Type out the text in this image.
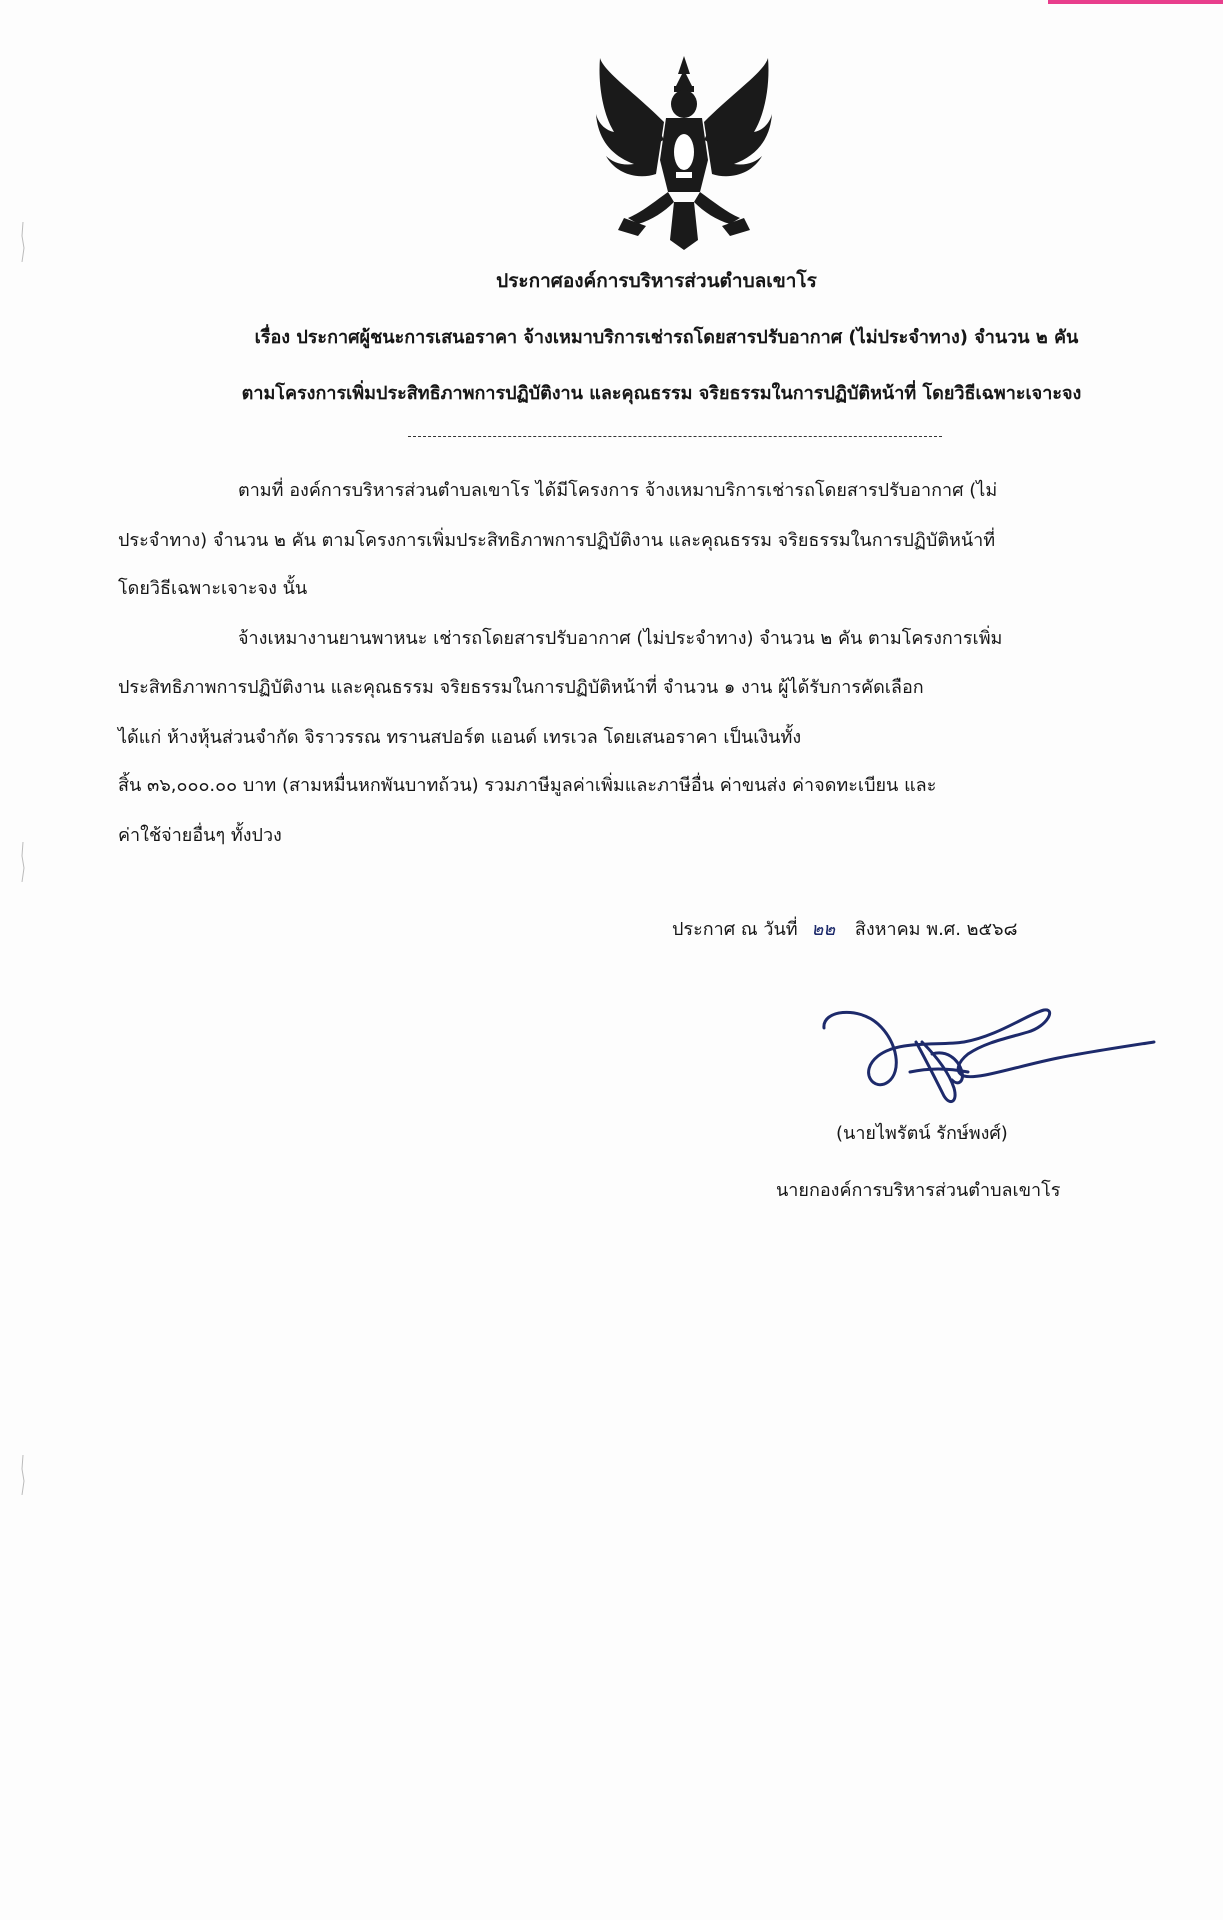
ประกาศองค์การบริหารส่วนตำบลเขาโร
เรื่อง ประกาศผู้ชนะการเสนอราคา จ้างเหมาบริการเช่ารถโดยสารปรับอากาศ (ไม่ประจำทาง) จำนวน ๒ คัน
ตามโครงการเพิ่มประสิทธิภาพการปฏิบัติงาน และคุณธรรม จริยธรรมในการปฏิบัติหน้าที่ โดยวิธีเฉพาะเจาะจง
ตามที่ องค์การบริหารส่วนตำบลเขาโร ได้มีโครงการ จ้างเหมาบริการเช่ารถโดยสารปรับอากาศ (ไม่
ประจำทาง) จำนวน ๒ คัน ตามโครงการเพิ่มประสิทธิภาพการปฏิบัติงาน และคุณธรรม จริยธรรมในการปฏิบัติหน้าที่
โดยวิธีเฉพาะเจาะจง นั้น
จ้างเหมางานยานพาหนะ เช่ารถโดยสารปรับอากาศ (ไม่ประจำทาง) จำนวน ๒ คัน ตามโครงการเพิ่ม
ประสิทธิภาพการปฏิบัติงาน และคุณธรรม จริยธรรมในการปฏิบัติหน้าที่ จำนวน ๑ งาน ผู้ได้รับการคัดเลือก
ได้แก่ ห้างหุ้นส่วนจำกัด จิราวรรณ ทรานสปอร์ต แอนด์ เทรเวล โดยเสนอราคา เป็นเงินทั้ง
สิ้น ๓๖,๐๐๐.๐๐ บาท (สามหมื่นหกพันบาทถ้วน) รวมภาษีมูลค่าเพิ่มและภาษีอื่น ค่าขนส่ง ค่าจดทะเบียน และ
ค่าใช้จ่ายอื่นๆ ทั้งปวง
ประกาศ ณ วันที่ ๒๒ สิงหาคม พ.ศ. ๒๕๖๘
(นายไพรัตน์ รักษ์พงศ์)
นายกองค์การบริหารส่วนตำบลเขาโร
